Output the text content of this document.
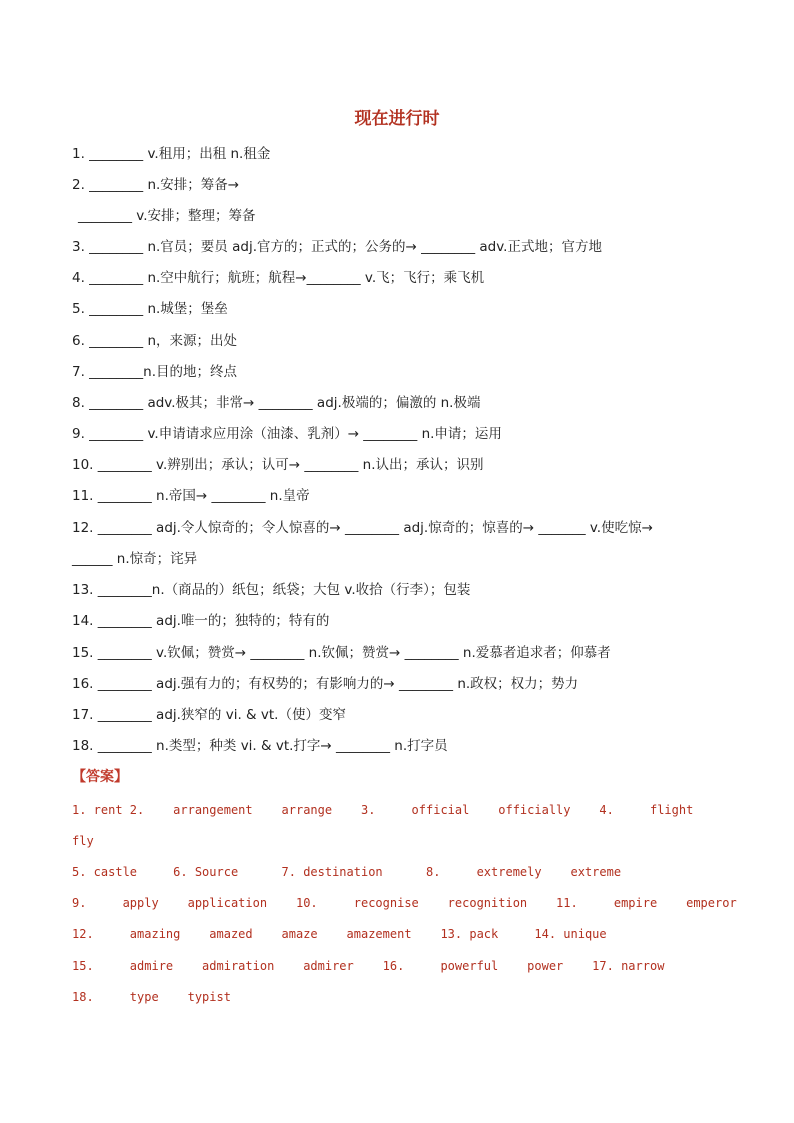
现在进行时
1. ________ v.租用；出租 n.租金
2. ________ n.安排；筹备→
________ v.安排；整理；筹备
3. ________ n.官员；要员 adj.官方的；正式的；公务的→ ________ adv.正式地；官方地
4. ________ n.空中航行；航班；航程→________ v.飞；飞行；乘飞机
5. ________ n.城堡；堡垒
6. ________ n，来源；出处
7. ________n.目的地；终点
8. ________ adv.极其；非常→ ________ adj.极端的；偏激的 n.极端
9. ________ v.申请请求应用涂（油漆、乳剂）→ ________ n.申请；运用
10. ________ v.辨别出；承认；认可→ ________ n.认出；承认；识别
11. ________ n.帝国→ ________ n.皇帝
12. ________ adj.令人惊奇的；令人惊喜的→ ________ adj.惊奇的；惊喜的→ _______ v.使吃惊→
______ n.惊奇；诧异
13. ________n.（商品的）纸包；纸袋；大包 v.收拾（行李）；包装
14. ________ adj.唯一的；独特的；特有的
15. ________ v.钦佩；赞赏→ ________ n.钦佩；赞赏→ ________ n.爱慕者追求者；仰慕者
16. ________ adj.强有力的；有权势的；有影响力的→ ________ n.政权；权力；势力
17. ________ adj.狭窄的 vi. & vt.（使）变窄
18. ________ n.类型；种类 vi. & vt.打字→ ________ n.打字员
【答案】
1. rent 2.    arrangement    arrange    3.     official    officially    4.     flight
fly
5. castle     6. Source      7. destination      8.     extremely    extreme
9.     apply    application    10.     recognise    recognition    11.     empire    emperor
12.     amazing    amazed    amaze    amazement    13. pack     14. unique
15.     admire    admiration    admirer    16.     powerful    power    17. narrow
18.     type    typist
